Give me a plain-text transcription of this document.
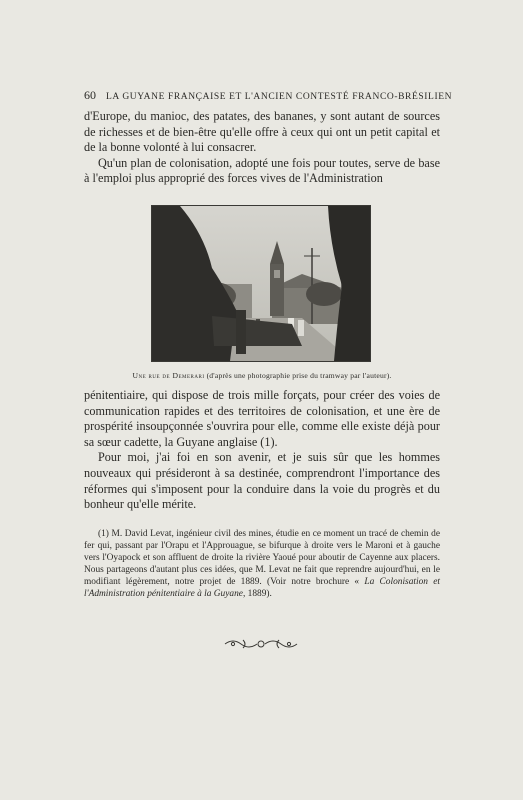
60 LA GUYANE FRANÇAISE ET L'ANCIEN CONTESTÉ FRANCO-BRÉSILIEN

d'Europe, du manioc, des patates, des bananes, y sont autant de sources de richesses et de bien-être qu'elle offre à ceux qui ont un petit capital et de la bonne volonté à lui consacrer.

Qu'un plan de colonisation, adopté une fois pour toutes, serve de base à l'emploi plus approprié des forces vives de l'Administration

Une rue de Demerari (d'après une photographie prise du tramway par l'auteur).

pénitentiaire, qui dispose de trois mille forçats, pour créer des voies de communication rapides et des territoires de colonisation, et une ère de prospérité insoupçonnée s'ouvrira pour elle, comme elle existe déjà pour sa sœur cadette, la Guyane anglaise (1).

Pour moi, j'ai foi en son avenir, et je suis sûr que les hommes nouveaux qui présideront à sa destinée, comprendront l'importance des réformes qui s'imposent pour la conduire dans la voie du progrès et du bonheur qu'elle mérite.

(1) M. David Levat, ingénieur civil des mines, étudie en ce moment un tracé de chemin de fer qui, passant par l'Orapu et l'Approuague, se bifurque à droite vers le Maroni et à gauche vers l'Oyapock et son affluent de droite la rivière Yaoué pour aboutir de Cayenne aux placers. Nous partageons d'autant plus ces idées, que M. Levat ne fait que reprendre aujourd'hui, en le modifiant légèrement, notre projet de 1889. (Voir notre brochure « La Colonisation et l'Administration pénitentiaire à la Guyane, 1889).
